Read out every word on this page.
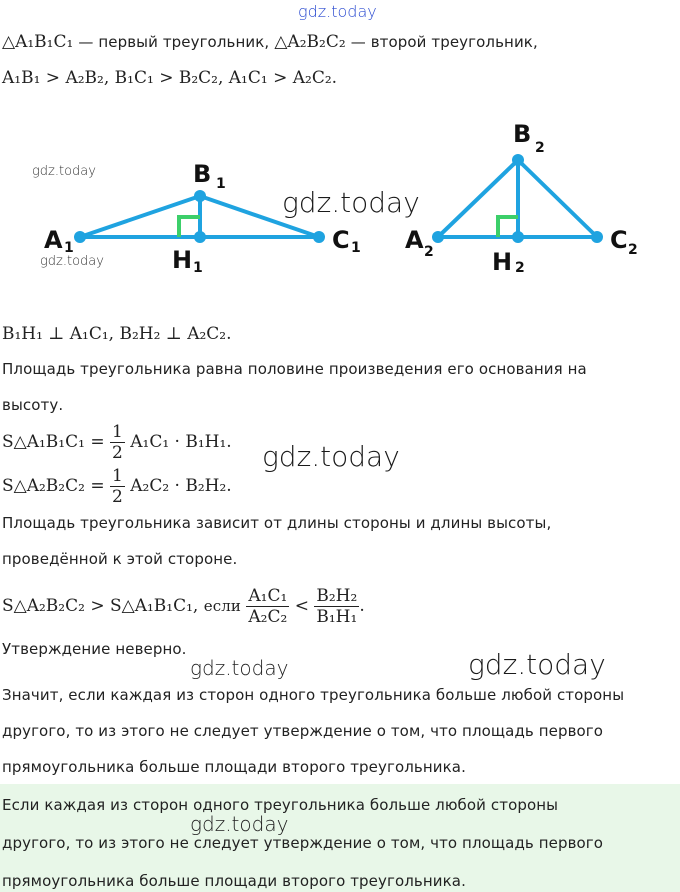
gdz.today
△A₁B₁C₁ — первый треугольник, △A₂B₂C₂ — второй треугольник,
A₁B₁ > A₂B₂, B₁C₁ > B₂C₂, A₁C₁ > A₂C₂.
A 1
B 1
C 1
H 1
A 2
B 2
C 2
H 2
gdz.today
gdz.today
gdz.today
B₁H₁ ⊥ A₁C₁, B₂H₂ ⊥ A₂C₂.
Площадь треугольника равна половине произведения его основания на
высоту.
S△A₁B₁C₁ = $\frac{1}{2} A_1C_1 \cdot B_1H_1$. gdz.today
S△A₂B₂C₂ = $\frac{1}{2} A_2C_2 \cdot B_2H_2$.
Площадь треугольника зависит от длины стороны и длины высоты,
проведённой к этой стороне.
S△A₂B₂C₂ > S△A₁B₁C₁, если $\frac{\text{A₁C₁}}{\text{A₂C₂}} < \frac{\text{B₂H₂}}{\text{B₁H₁}}$ .
Утверждение неверно.
gdz.today	gdz.today
Значит, если каждая из сторон одного треугольника больше любой стороны
другого, то из этого не следует утверждение о том, что площадь первого
прямоугольника больше площади второго треугольника.
Если каждая из сторон одного треугольника больше любой стороны
gdz.today
другого, то из этого не следует утверждение о том, что площадь первого
прямоугольника больше площади второго треугольника.
